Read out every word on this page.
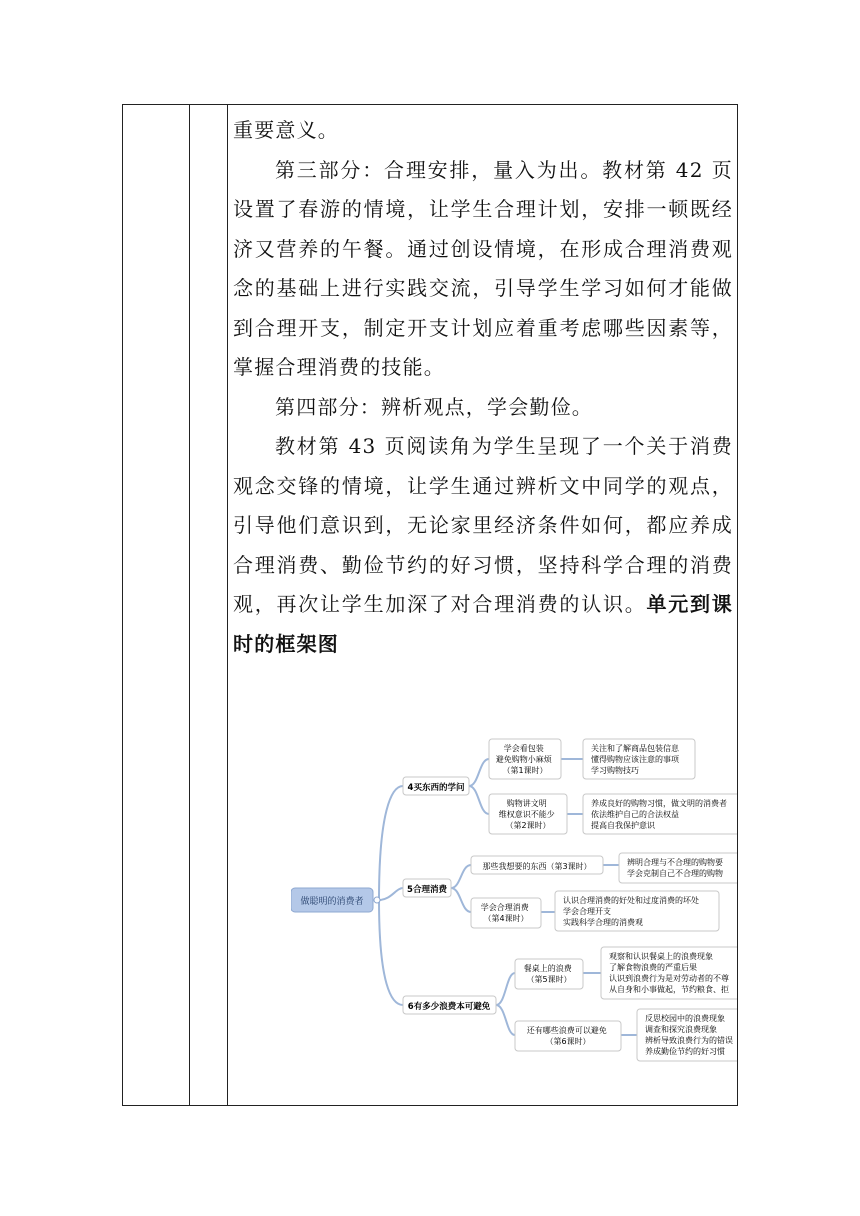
重要意义。

第三部分：合理安排，量入为出。教材第 42 页设置了春游的情境，让学生合理计划，安排一顿既经济又营养的午餐。通过创设情境，在形成合理消费观念的基础上进行实践交流，引导学生学习如何才能做到合理开支，制定开支计划应着重考虑哪些因素等，掌握合理消费的技能。

第四部分：辨析观点，学会勤俭。

教材第 43 页阅读角为学生呈现了一个关于消费观念交锋的情境，让学生通过辨析文中同学的观点，引导他们意识到，无论家里经济条件如何，都应养成合理消费、勤俭节约的好习惯，坚持科学合理的消费观，再次让学生加深了对合理消费的认识。单元到课时的框架图

做聪明的消费者
4买东西的学问
5合理消费
6有多少浪费本可避免
学会看包装 避免购物小麻烦 （第1课时）
购物讲文明 维权意识不能少 （第2课时）
那些我想要的东西（第3课时）
学会合理消费 （第4课时）
餐桌上的浪费 （第5课时）
还有哪些浪费可以避免 （第6课时）
关注和了解商品包装信息 懂得购物应该注意的事项 学习购物技巧
养成良好的购物习惯，做文明的消费者 依法维护自己的合法权益 提高自我保护意识
辨明合理与不合理的购物要 学会克制自己不合理的购物
认识合理消费的好处和过度消费的坏处 学会合理开支 实践科学合理的消费观
观察和认识餐桌上的浪费现象 了解食物浪费的严重后果 认识到浪费行为是对劳动者的不尊 从自身和小事做起，节约粮食、拒
反思校园中的浪费现象 调查和探究浪费现象 辨析导致浪费行为的错误 养成勤俭节约的好习惯
